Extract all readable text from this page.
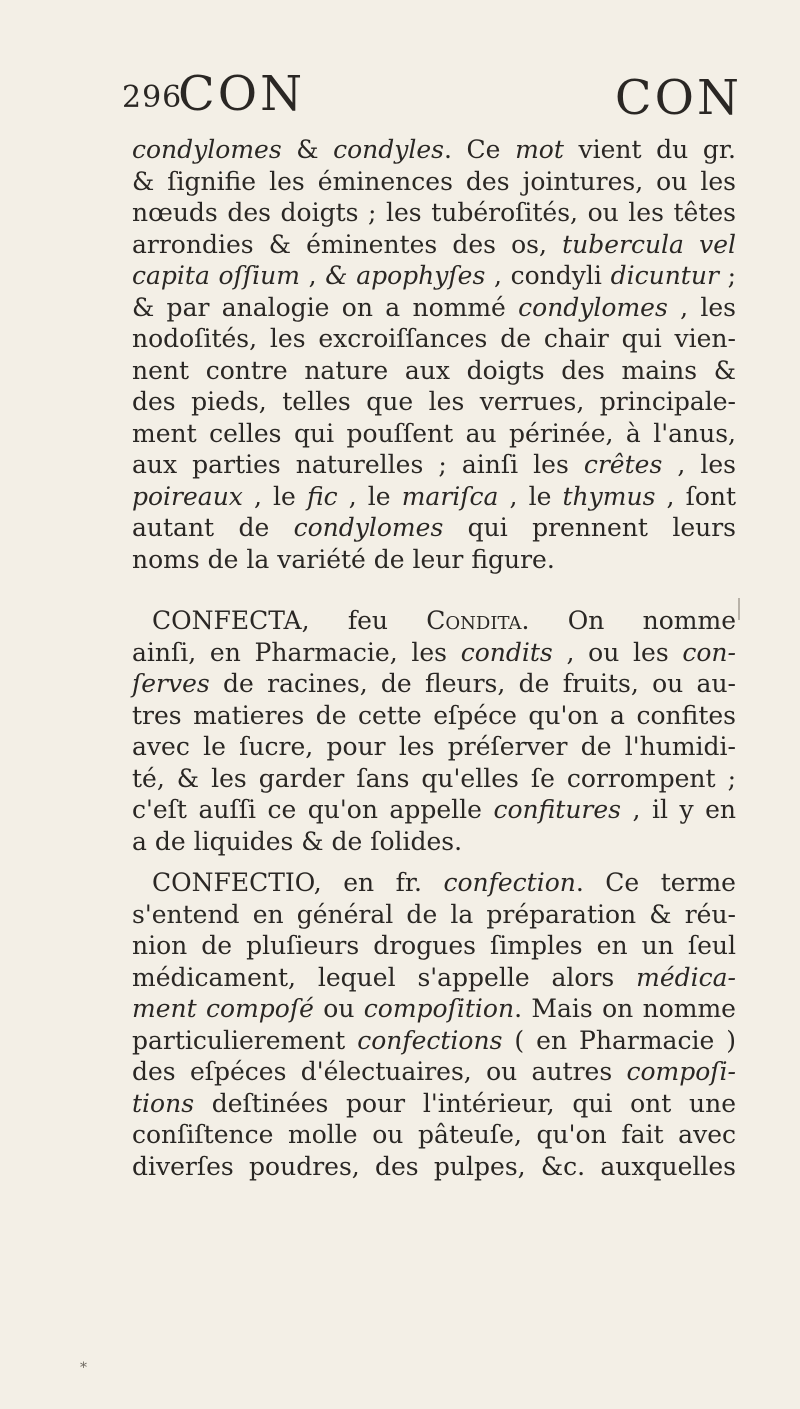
296
CON	CON
condylomes & condyles. Ce mot vient du gr.
& ſignifie les éminences des jointures, ou les
nœuds des doigts ; les tubéroſités, ou les têtes
arrondies & éminentes des os, tubercula vel
capita oſſium , & apophyſes , condyli dicuntur ;
& par analogie on a nommé condylomes , les
nodoſités, les excroiſſances de chair qui vien-
nent contre nature aux doigts des mains &
des pieds, telles que les verrues, principale-
ment celles qui pouſſent au périnée, à l'anus,
aux parties naturelles ; ainſi les crêtes , les
poireaux , le fic , le mariſca , le thymus , ſont
autant de condylomes qui prennent leurs
noms de la variété de leur figure.
CONFECTA, feu Condita. On nomme
ainſi, en Pharmacie, les condits , ou les con-
ſerves de racines, de fleurs, de fruits, ou au-
tres matieres de cette eſpéce qu'on a confites
avec le ſucre, pour les préſerver de l'humidi-
té, & les garder ſans qu'elles ſe corrompent ;
c'eſt auſſi ce qu'on appelle confitures , il y en
a de liquides & de ſolides.
CONFECTIO, en fr. confection. Ce terme
s'entend en général de la préparation & réu-
nion de pluſieurs drogues ſimples en un ſeul
médicament, lequel s'appelle alors médica-
ment compoſé ou compoſition. Mais on nomme
particulierement confections ( en Pharmacie )
des eſpéces d'électuaires, ou autres compoſi-
tions deſtinées pour l'intérieur, qui ont une
conſiſtence molle ou pâteuſe, qu'on fait avec
diverſes poudres, des pulpes, &c. auxquelles
*
